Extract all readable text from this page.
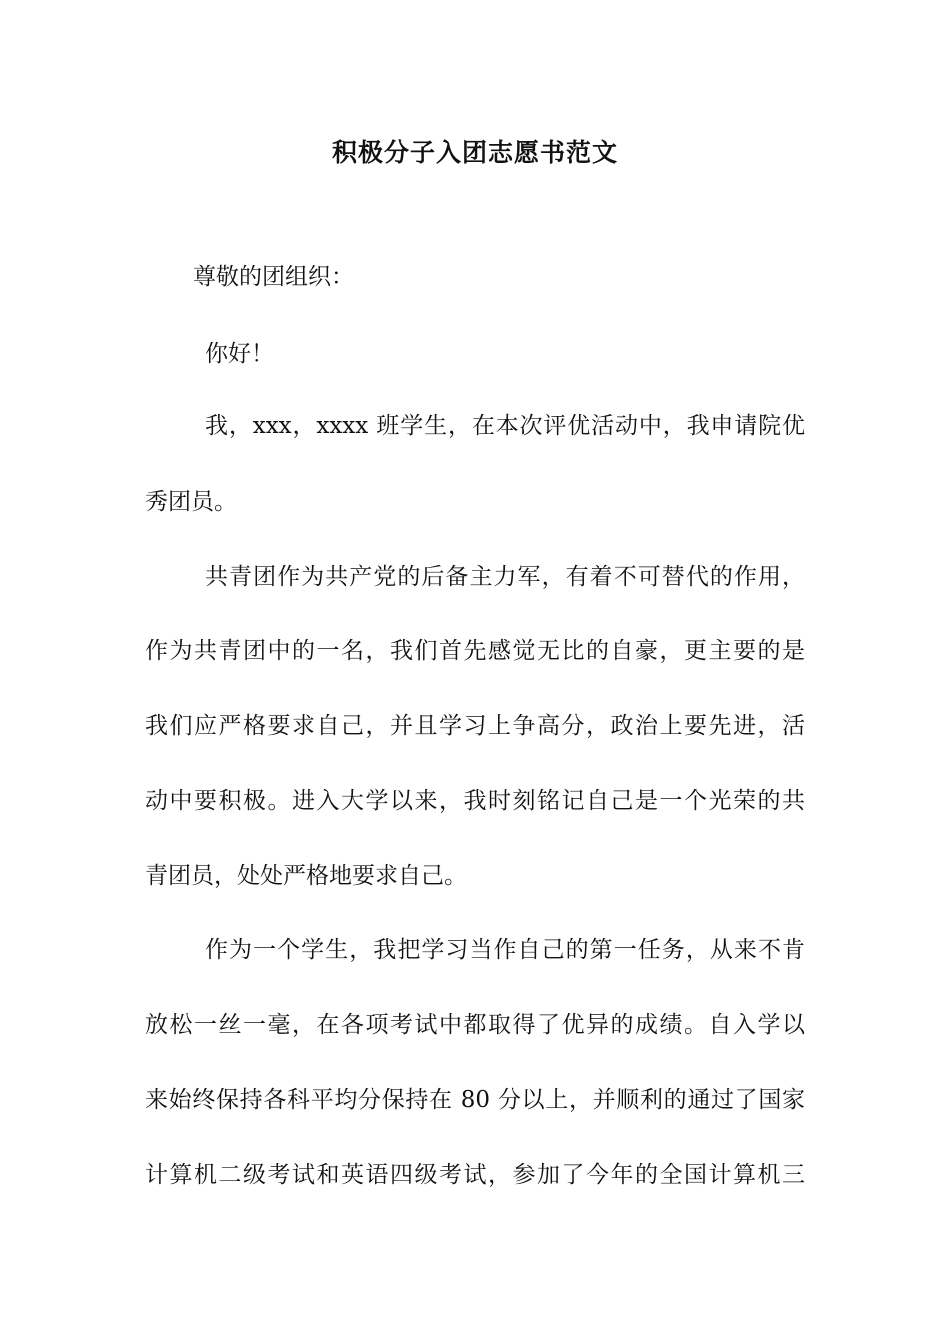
积极分子入团志愿书范文
尊敬的团组织：
你好！
我，xxx，xxxx 班学生，在本次评优活动中，我申请院优
秀团员。
共青团作为共产党的后备主力军，有着不可替代的作用，
作为共青团中的一名，我们首先感觉无比的自豪，更主要的是
我们应严格要求自己，并且学习上争高分，政治上要先进，活
动中要积极。进入大学以来，我时刻铭记自己是一个光荣的共
青团员，处处严格地要求自己。
作为一个学生，我把学习当作自己的第一任务，从来不肯
放松一丝一毫，在各项考试中都取得了优异的成绩。自入学以
来始终保持各科平均分保持在 80 分以上，并顺利的通过了国家
计算机二级考试和英语四级考试，参加了今年的全国计算机三
